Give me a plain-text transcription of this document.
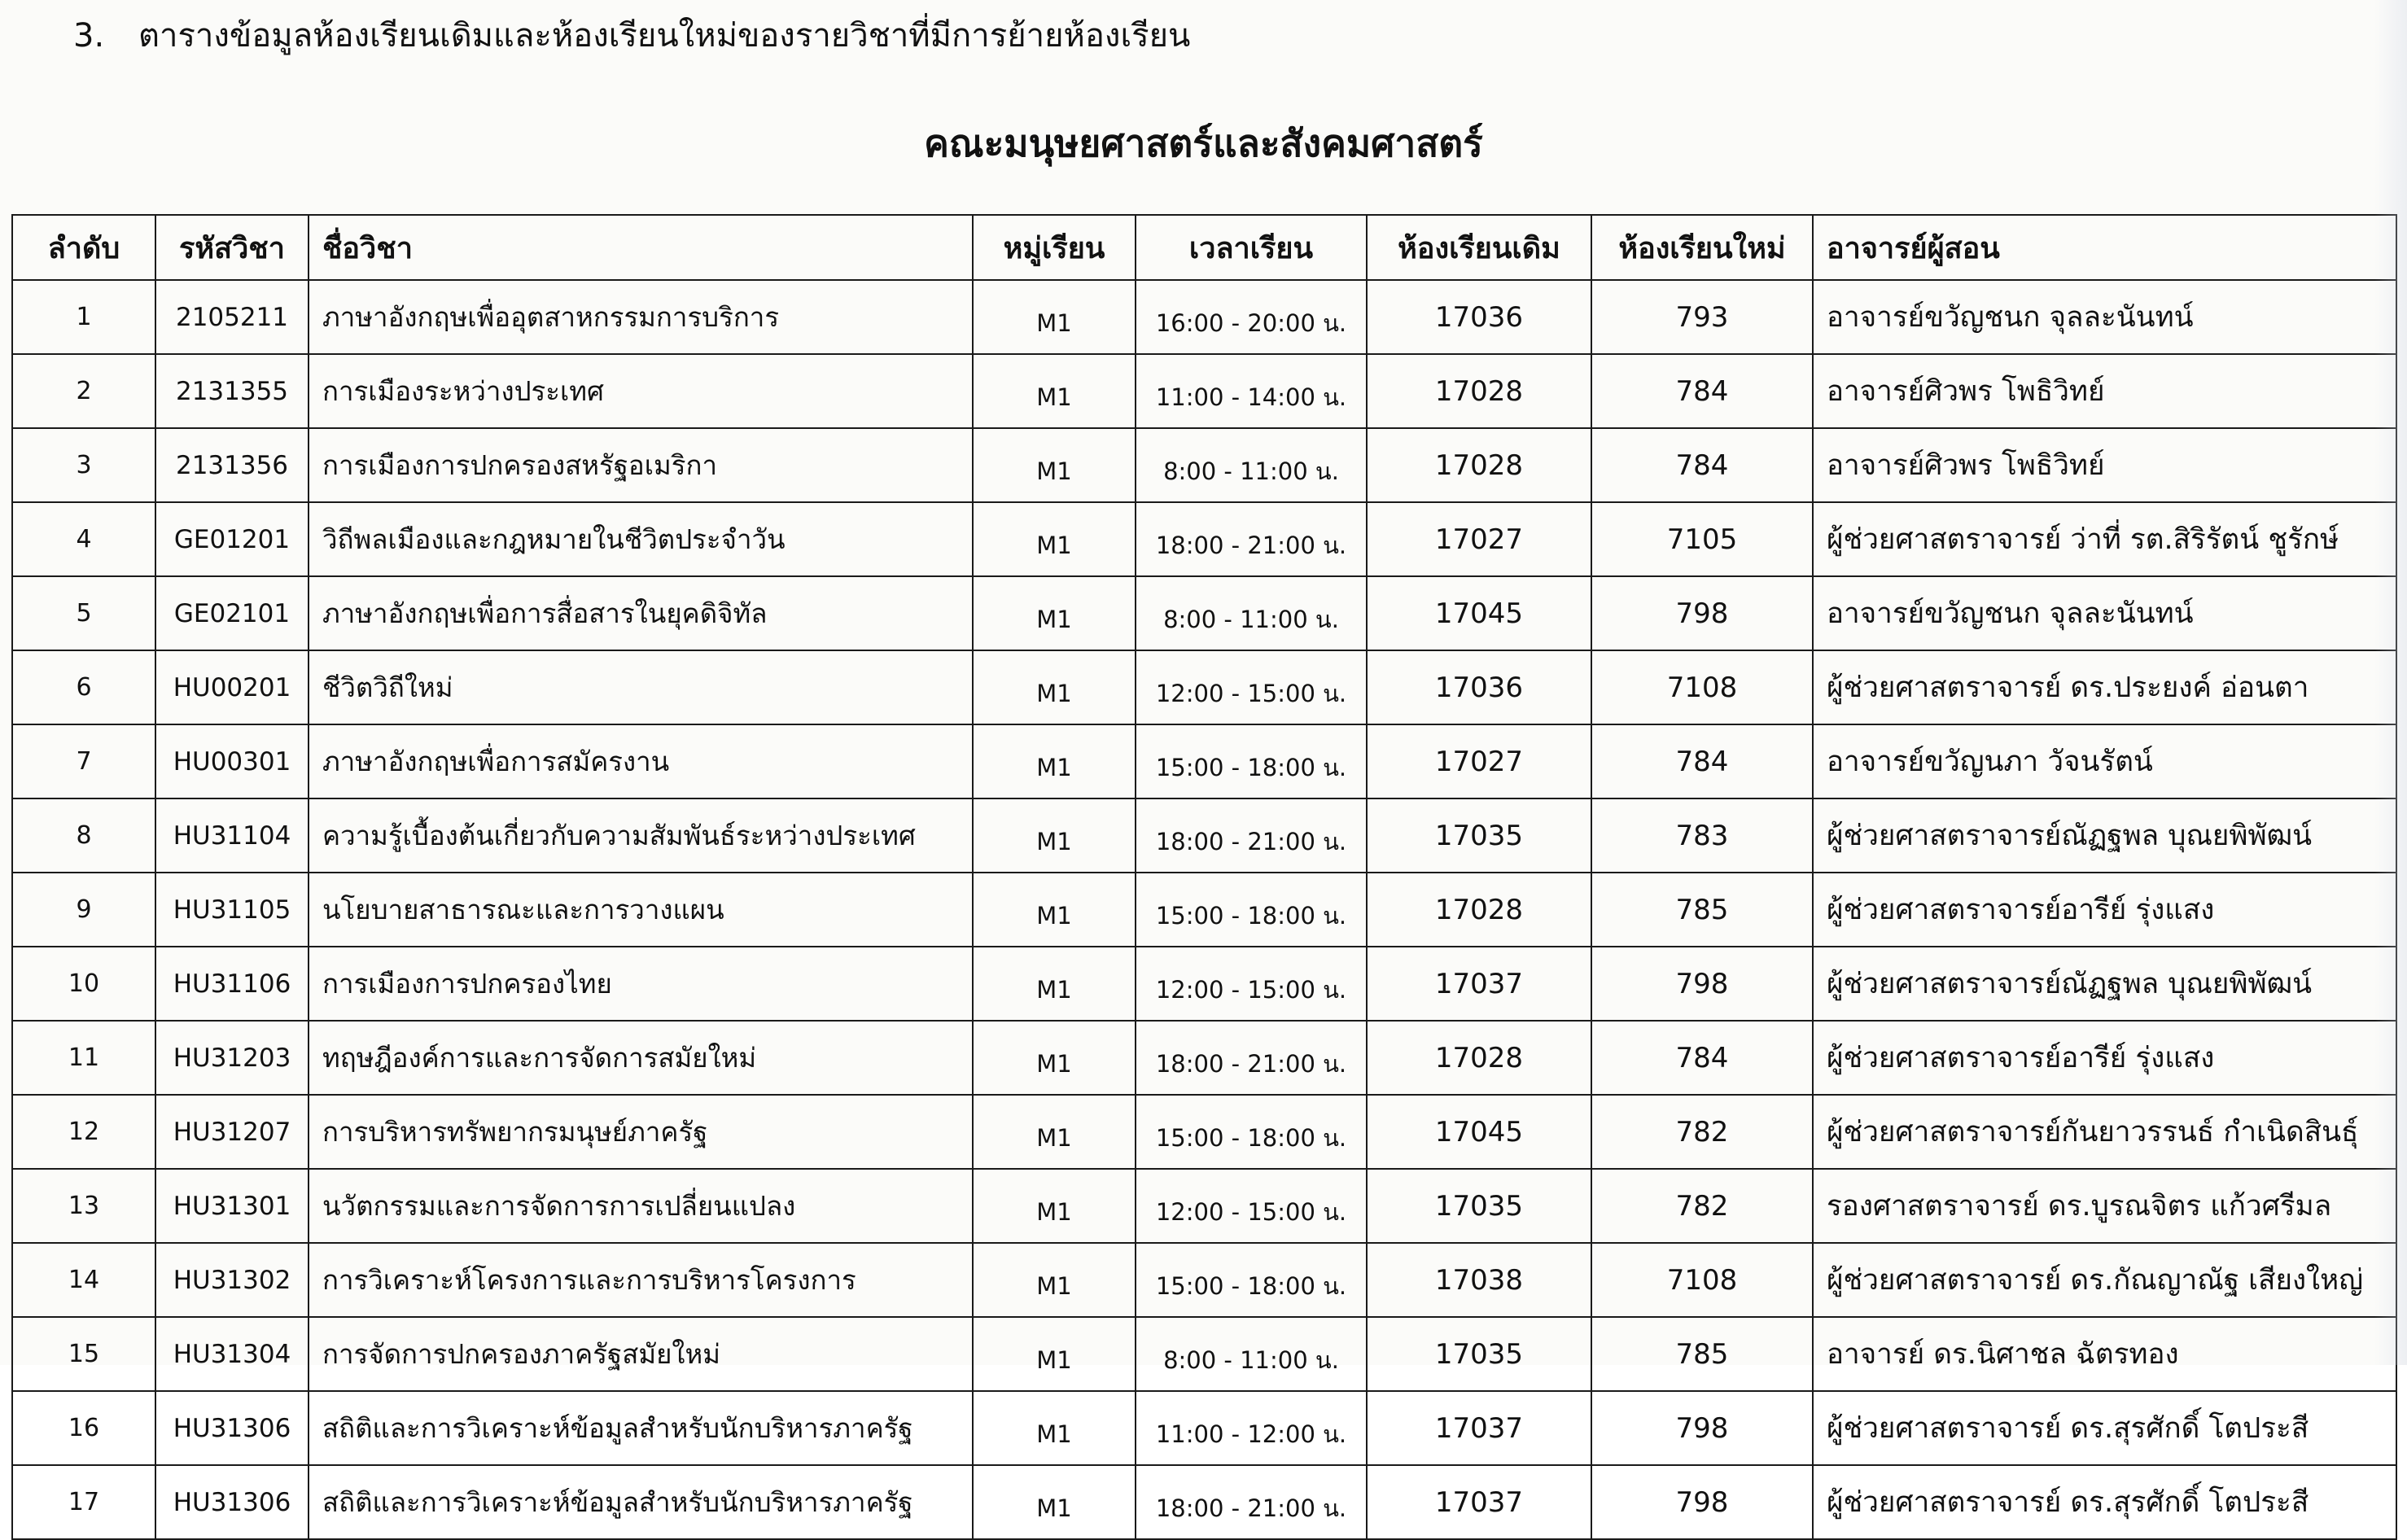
3. ตารางข้อมูลห้องเรียนเดิมและห้องเรียนใหม่ของรายวิชาที่มีการย้ายห้องเรียน
คณะมนุษยศาสตร์และสังคมศาสตร์
ลำดับ	รหัสวิชา	ชื่อวิชา	หมู่เรียน	เวลาเรียน	ห้องเรียนเดิม	ห้องเรียนใหม่	อาจารย์ผู้สอน
1	2105211	ภาษาอังกฤษเพื่ออุตสาหกรรมการบริการ	M1	16:00 - 20:00 น.	17036	793	อาจารย์ขวัญชนก จุลละนันทน์
2	2131355	การเมืองระหว่างประเทศ	M1	11:00 - 14:00 น.	17028	784	อาจารย์ศิวพร โพธิวิทย์
3	2131356	การเมืองการปกครองสหรัฐอเมริกา	M1	8:00 - 11:00 น.	17028	784	อาจารย์ศิวพร โพธิวิทย์
4	GE01201	วิถีพลเมืองและกฎหมายในชีวิตประจำวัน	M1	18:00 - 21:00 น.	17027	7105	ผู้ช่วยศาสตราจารย์ ว่าที่ รต.สิริรัตน์ ชูรักษ์
5	GE02101	ภาษาอังกฤษเพื่อการสื่อสารในยุคดิจิทัล	M1	8:00 - 11:00 น.	17045	798	อาจารย์ขวัญชนก จุลละนันทน์
6	HU00201	ชีวิตวิถีใหม่	M1	12:00 - 15:00 น.	17036	7108	ผู้ช่วยศาสตราจารย์ ดร.ประยงค์ อ่อนตา
7	HU00301	ภาษาอังกฤษเพื่อการสมัครงาน	M1	15:00 - 18:00 น.	17027	784	อาจารย์ขวัญนภา วัจนรัตน์
8	HU31104	ความรู้เบื้องต้นเกี่ยวกับความสัมพันธ์ระหว่างประเทศ	M1	18:00 - 21:00 น.	17035	783	ผู้ช่วยศาสตราจารย์ณัฏฐพล บุณยพิพัฒน์
9	HU31105	นโยบายสาธารณะและการวางแผน	M1	15:00 - 18:00 น.	17028	785	ผู้ช่วยศาสตราจารย์อารีย์ รุ่งแสง
10	HU31106	การเมืองการปกครองไทย	M1	12:00 - 15:00 น.	17037	798	ผู้ช่วยศาสตราจารย์ณัฏฐพล บุณยพิพัฒน์
11	HU31203	ทฤษฎีองค์การและการจัดการสมัยใหม่	M1	18:00 - 21:00 น.	17028	784	ผู้ช่วยศาสตราจารย์อารีย์ รุ่งแสง
12	HU31207	การบริหารทรัพยากรมนุษย์ภาครัฐ	M1	15:00 - 18:00 น.	17045	782	ผู้ช่วยศาสตราจารย์กันยาวรรนธ์ กำเนิดสินธุ์
13	HU31301	นวัตกรรมและการจัดการการเปลี่ยนแปลง	M1	12:00 - 15:00 น.	17035	782	รองศาสตราจารย์ ดร.บูรณจิตร แก้วศรีมล
14	HU31302	การวิเคราะห์โครงการและการบริหารโครงการ	M1	15:00 - 18:00 น.	17038	7108	ผู้ช่วยศาสตราจารย์ ดร.กัณญาณัฐ เสียงใหญ่
15	HU31304	การจัดการปกครองภาครัฐสมัยใหม่	M1	8:00 - 11:00 น.	17035	785	อาจารย์ ดร.นิศาชล ฉัตรทอง
16	HU31306	สถิติและการวิเคราะห์ข้อมูลสำหรับนักบริหารภาครัฐ	M1	11:00 - 12:00 น.	17037	798	ผู้ช่วยศาสตราจารย์ ดร.สุรศักดิ์ โตประสี
17	HU31306	สถิติและการวิเคราะห์ข้อมูลสำหรับนักบริหารภาครัฐ	M1	18:00 - 21:00 น.	17037	798	ผู้ช่วยศาสตราจารย์ ดร.สุรศักดิ์ โตประสี
